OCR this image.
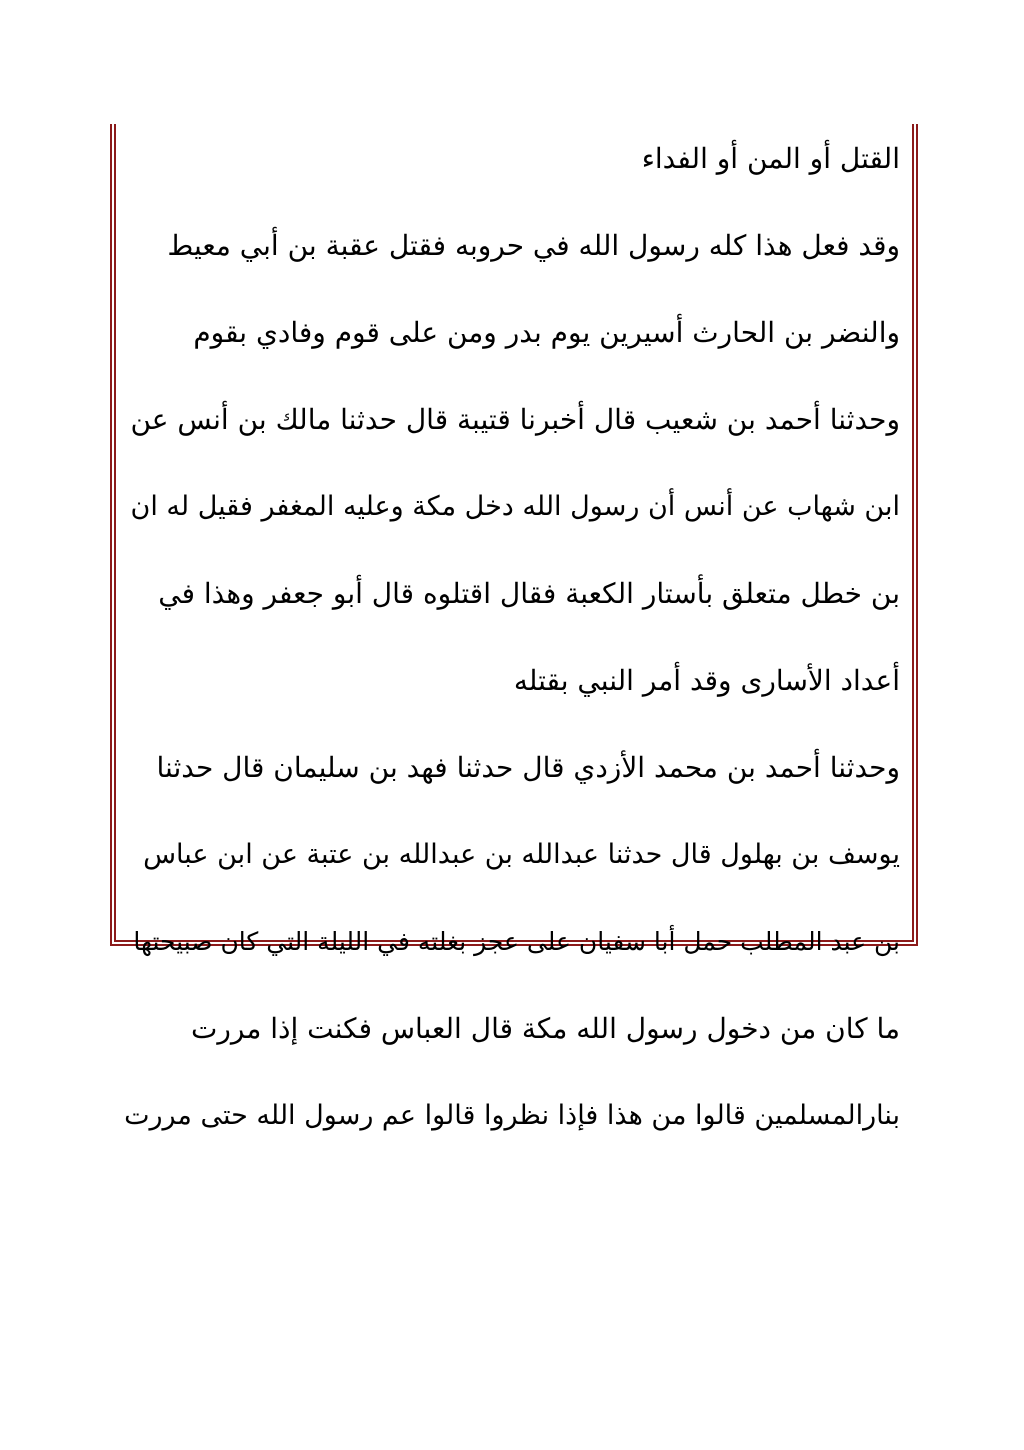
القتل أو المن أو الفداء
وقد فعل هذا كله رسول الله في حروبه فقتل عقبة بن أبي معيط
والنضر بن الحارث أسيرين يوم بدر ومن على قوم وفادي بقوم
وحدثنا أحمد بن شعيب قال أخبرنا قتيبة قال حدثنا مالك بن أنس عن
ابن شهاب عن أنس أن رسول الله دخل مكة وعليه المغفر فقيل له ان
بن خطل متعلق بأستار الكعبة فقال اقتلوه قال أبو جعفر وهذا في
أعداد الأسارى وقد أمر النبي بقتله
وحدثنا أحمد بن محمد الأزدي قال حدثنا فهد بن سليمان قال حدثنا
يوسف بن بهلول قال حدثنا عبدالله بن عبدالله بن عتبة عن ابن عباس
بن عبد المطلب حمل أبا سفيان على عجز بغلته في الليلة التي كان صبيحتها
ما كان من دخول رسول الله مكة قال العباس فكنت إذا مررت
بنارالمسلمين قالوا من هذا فإذا نظروا قالوا عم رسول الله حتى مررت
